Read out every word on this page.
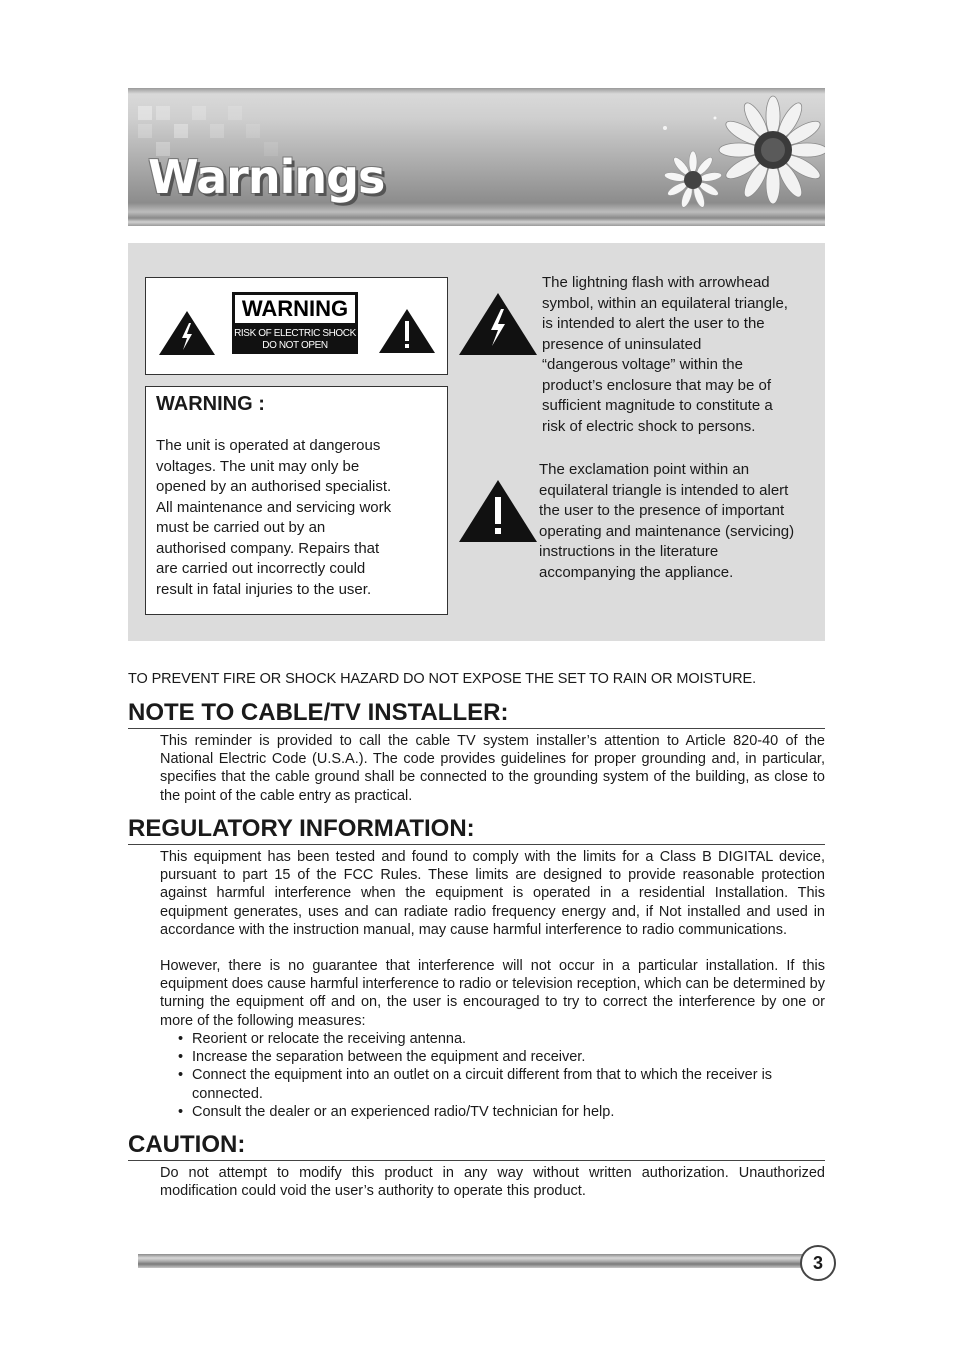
Warnings
WARNING
RISK OF ELECTRIC SHOCK
DO NOT OPEN
WARNING :
The unit is operated at dangerous
voltages. The unit may only be
opened by an authorised specialist.
All maintenance and servicing work
must be carried out by an
authorised company. Repairs that
are carried out incorrectly could
result in fatal injuries to the user.
The lightning flash with arrowhead
symbol, within an equilateral triangle,
is intended to alert the user to the
presence of uninsulated
“dangerous voltage” within the
product’s enclosure that may be of
sufficient magnitude to constitute a
risk of electric shock to persons.
The exclamation point within an
equilateral triangle is intended to alert
the user to the presence of important
operating and maintenance (servicing)
instructions in the literature
accompanying the appliance.
TO PREVENT FIRE OR SHOCK HAZARD DO NOT EXPOSE THE SET TO RAIN OR MOISTURE.
NOTE TO CABLE/TV INSTALLER:
This reminder is provided to call the cable TV system installer’s attention to Article 820-40 of the National Electric Code (U.S.A.). The code provides guidelines for proper grounding and, in particular, specifies that the cable ground shall be connected to the grounding system of the building, as close to the point of the cable entry as practical.
REGULATORY INFORMATION:
This equipment has been tested and found to comply with the limits for a Class B DIGITAL device, pursuant to part 15 of the FCC Rules. These limits are designed to provide reasonable protection against harmful interference when the equipment is operated in a residential Installation. This equipment generates, uses and can radiate radio frequency energy and, if Not installed and used in accordance with the instruction manual, may cause harmful interference to radio communications.
However, there is no guarantee that interference will not occur in a particular installation. If this equipment does cause harmful interference to radio or television reception, which can be determined by turning the equipment off and on, the user is encouraged to try to correct the interference by one or more of the following measures:
• Reorient or relocate the receiving antenna.
• Increase the separation between the equipment and receiver.
• Connect the equipment into an outlet on a circuit different from that to which the receiver is connected.
• Consult the dealer or an experienced radio/TV technician for help.
CAUTION:
Do not attempt to modify this product in any way without written authorization. Unauthorized modification could void the user’s authority to operate this product.
3
